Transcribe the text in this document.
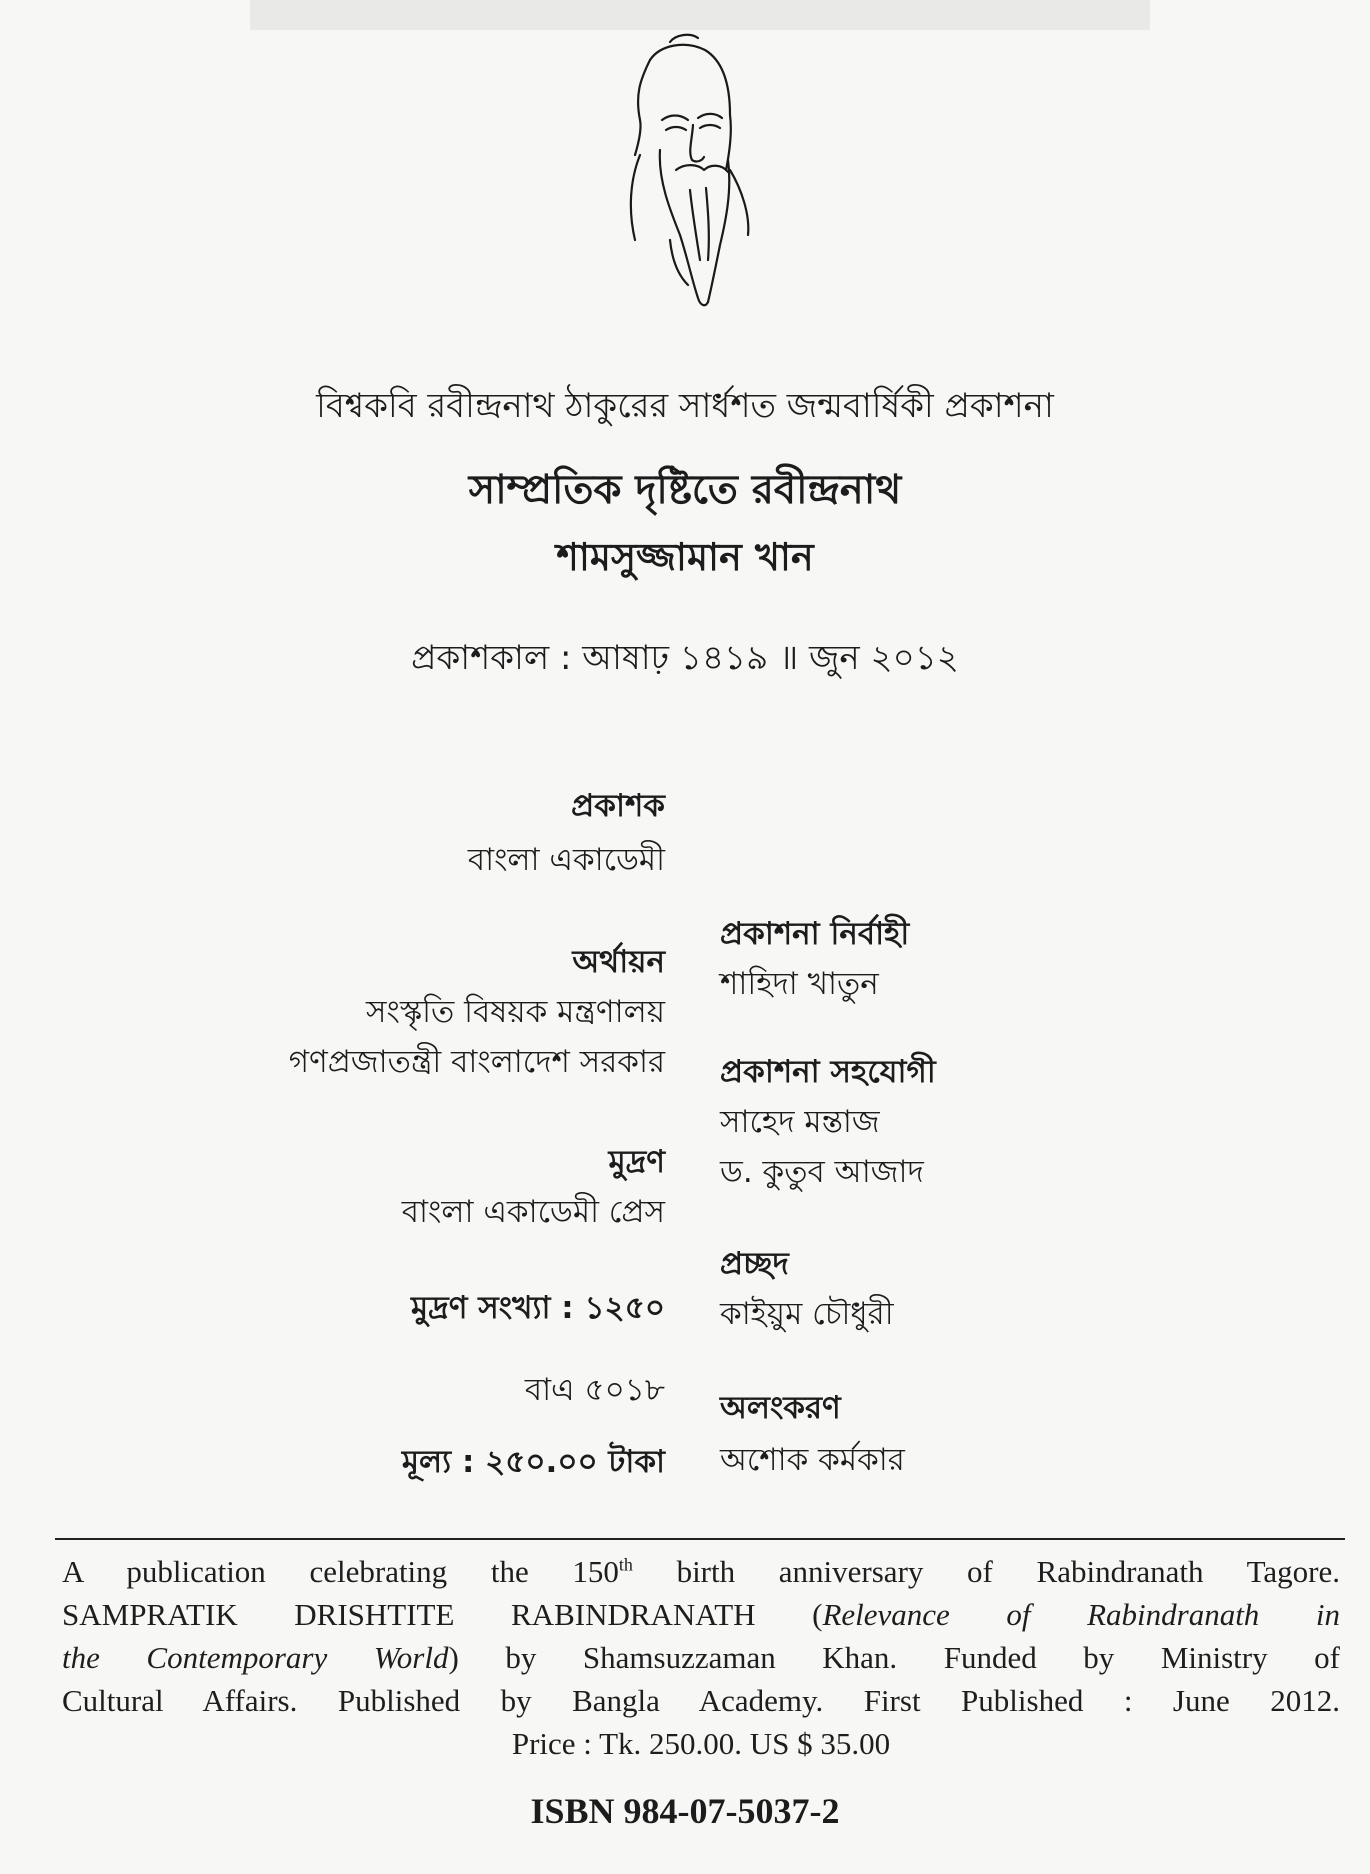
বিশ্বকবি রবীন্দ্রনাথ ঠাকুরের সার্ধশত জন্মবার্ষিকী প্রকাশনা
সাম্প্রতিক দৃষ্টিতে রবীন্দ্রনাথ
শামসুজ্জামান খান
প্রকাশকাল : আষাঢ় ১৪১৯ ॥ জুন ২০১২
প্রকাশক
বাংলা একাডেমী
অর্থায়ন
সংস্কৃতি বিষয়ক মন্ত্রণালয়
গণপ্রজাতন্ত্রী বাংলাদেশ সরকার
মুদ্রণ
বাংলা একাডেমী প্রেস
মুদ্রণ সংখ্যা : ১২৫০
বাএ ৫০১৮
মূল্য : ২৫০.০০ টাকা
প্রকাশনা নির্বাহী
শাহিদা খাতুন
প্রকাশনা সহযোগী
সাহেদ মন্তাজ
ড. কুতুব আজাদ
প্রচ্ছদ
কাইয়ুম চৌধুরী
অলংকরণ
অশোক কর্মকার
A publication celebrating the 150th birth anniversary of Rabindranath Tagore.
SAMPRATIK DRISHTITE RABINDRANATH (Relevance of Rabindranath in
the Contemporary World) by Shamsuzzaman Khan. Funded by Ministry of
Cultural Affairs. Published by Bangla Academy. First Published : June 2012.
Price : Tk. 250.00. US $ 35.00
ISBN 984-07-5037-2
